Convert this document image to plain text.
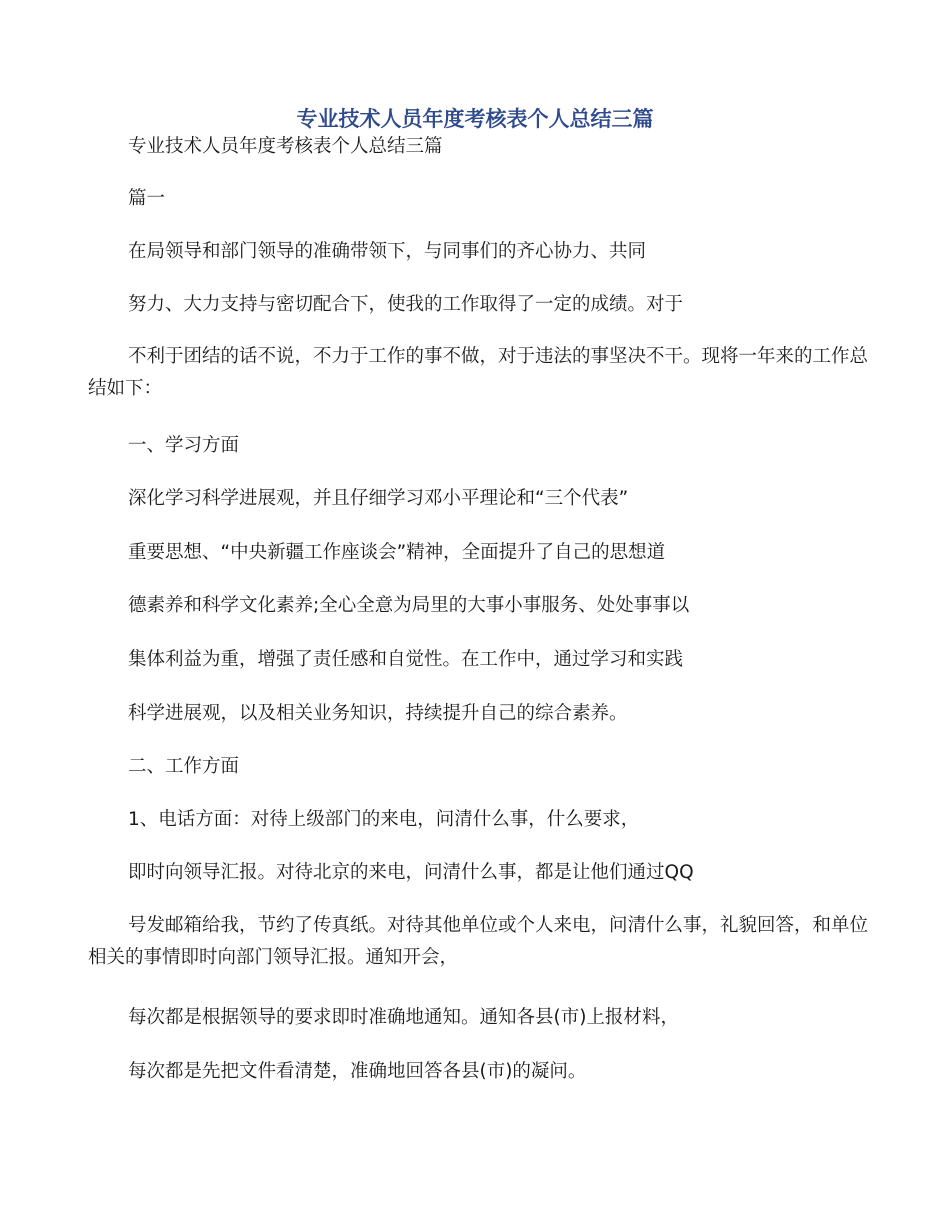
专业技术人员年度考核表个人总结三篇

专业技术人员年度考核表个人总结三篇

篇一

在局领导和部门领导的准确带领下，与同事们的齐心协力、共同

努力、大力支持与密切配合下，使我的工作取得了一定的成绩。对于

不利于团结的话不说，不力于工作的事不做，对于违法的事坚决不干。现将一年来的工作总结如下：

一、学习方面

深化学习科学进展观，并且仔细学习邓小平理论和“三个代表”

重要思想、“中央新疆工作座谈会”精神，全面提升了自己的思想道

德素养和科学文化素养;全心全意为局里的大事小事服务、处处事事以

集体利益为重，增强了责任感和自觉性。在工作中，通过学习和实践

科学进展观，以及相关业务知识，持续提升自己的综合素养。

二、工作方面

1、电话方面：对待上级部门的来电，问清什么事，什么要求，

即时向领导汇报。对待北京的来电，问清什么事，都是让他们通过QQ

号发邮箱给我，节约了传真纸。对待其他单位或个人来电，问清什么事，礼貌回答，和单位相关的事情即时向部门领导汇报。通知开会，

每次都是根据领导的要求即时准确地通知。通知各县(市)上报材料，

每次都是先把文件看清楚，准确地回答各县(市)的凝问。
